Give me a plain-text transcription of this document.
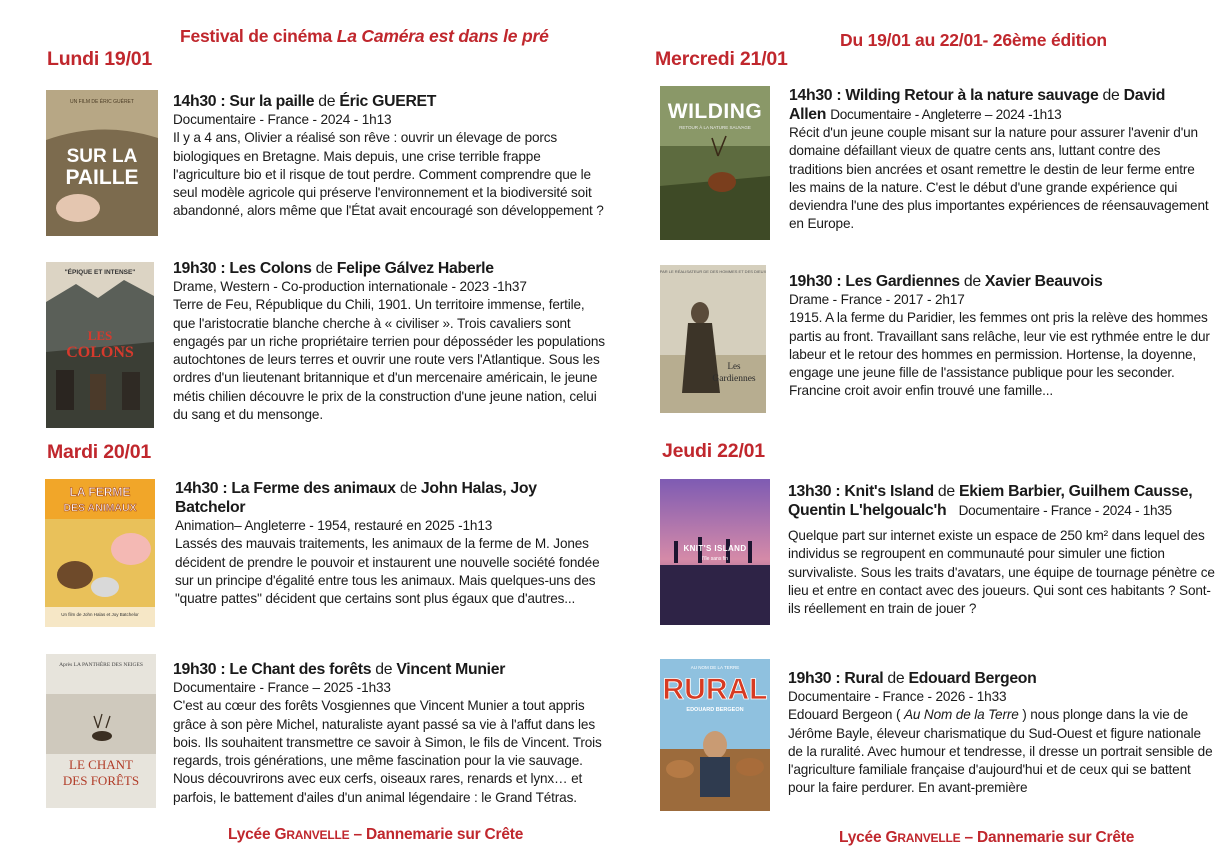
Festival de cinéma La Caméra est dans le pré
Lundi 19/01
UN FILM DE ÉRIC GUÉRET
SUR LA
PAILLE
14h30 : Sur la paille de Éric GUERET

Documentaire - France - 2024 - 1h13

Il y a 4 ans, Olivier a réalisé son rêve : ouvrir un élevage de porcs biologiques en Bretagne. Mais depuis, une crise terrible frappe l'agriculture bio et il risque de tout perdre. Comment comprendre que le seul modèle agricole qui préserve l'environnement et la biodiversité soit abandonné, alors même que l'État avait encouragé son développement ?

"ÉPIQUE ET INTENSE"
LES
COLONS
19h30 : Les Colons de Felipe Gálvez Haberle

Drame, Western - Co-production internationale - 2023 -1h37

Terre de Feu, République du Chili, 1901. Un territoire immense, fertile, que l'aristocratie blanche cherche à « civiliser ». Trois cavaliers sont engagés par un riche propriétaire terrien pour déposséder les populations autochtones de leurs terres et ouvrir une route vers l'Atlantique. Sous les ordres d'un lieutenant britannique et d'un mercenaire américain, le jeune métis chilien découvre le prix de la construction d'une jeune nation, celui du sang et du mensonge.

Mardi 20/01
LA FERME
DES ANIMAUX
Un film de John Halas et Joy Batchelor
14h30 : La Ferme des animaux de John Halas, Joy Batchelor

Animation– Angleterre - 1954, restauré en 2025 -1h13

Lassés des mauvais traitements, les animaux de la ferme de M. Jones décident de prendre le pouvoir et instaurent une nouvelle société fondée sur un principe d'égalité entre tous les animaux. Mais quelques-uns des "quatre pattes" décident que certains sont plus égaux que d'autres...

Après LA PANTHÈRE DES NEIGES
LE CHANT
DES FORÊTS
19h30 : Le Chant des forêts de Vincent Munier

Documentaire - France – 2025 -1h33

C'est au cœur des forêts Vosgiennes que Vincent Munier a tout appris grâce à son père Michel, naturaliste ayant passé sa vie à l'affut dans les bois. Ils souhaitent transmettre ce savoir à Simon, le fils de Vincent. Trois regards, trois générations, une même fascination pour la vie sauvage. Nous découvrirons avec eux cerfs, oiseaux rares, renards et lynx… et parfois, le battement d'ailes d'un animal légendaire : le Grand Tétras.

Lycée GRANVELLE – Dannemarie sur Crête
Du 19/01 au 22/01- 26ème édition
Mercredi 21/01
WILDING
RETOUR À LA NATURE SAUVAGE
14h30 : Wilding Retour à la nature sauvage de David Allen Documentaire - Angleterre – 2024 -1h13

Récit d'un jeune couple misant sur la nature pour assurer l'avenir d'un domaine défaillant vieux de quatre cents ans, luttant contre des traditions bien ancrées et osant remettre le destin de leur ferme entre les mains de la nature. C'est le début d'une grande expérience qui deviendra l'une des plus importantes expériences de réensauvagement en Europe.

PAR LE RÉALISATEUR DE DES HOMMES ET DES DIEUX
Les
Gardiennes
19h30 : Les Gardiennes de Xavier Beauvois

Drame - France - 2017 - 2h17

1915. A la ferme du Paridier, les femmes ont pris la relève des hommes partis au front. Travaillant sans relâche, leur vie est rythmée entre le dur labeur et le retour des hommes en permission. Hortense, la doyenne, engage une jeune fille de l'assistance publique pour les seconder. Francine croit avoir enfin trouvé une famille...

Jeudi 22/01
KNIT'S ISLAND
l'île sans fin
13h30 : Knit's Island de Ekiem Barbier, Guilhem Causse, Quentin L'helgoualc'h Documentaire - France - 2024 - 1h35

Quelque part sur internet existe un espace de 250 km² dans lequel des individus se regroupent en communauté pour simuler une fiction survivaliste. Sous les traits d'avatars, une équipe de tournage pénètre ce lieu et entre en contact avec des joueurs. Qui sont ces habitants ? Sont-ils réellement en train de jouer ?

AU NOM DE LA TERRE
RURAL
EDOUARD BERGEON
19h30 : Rural de Edouard Bergeon

Documentaire - France - 2026 - 1h33

Edouard Bergeon ( Au Nom de la Terre ) nous plonge dans la vie de Jérôme Bayle, éleveur charismatique du Sud-Ouest et figure nationale de la ruralité. Avec humour et tendresse, il dresse un portrait sensible de l'agriculture familiale française d'aujourd'hui et de ceux qui se battent pour la faire perdurer. En avant-première

Lycée GRANVELLE – Dannemarie sur Crête
